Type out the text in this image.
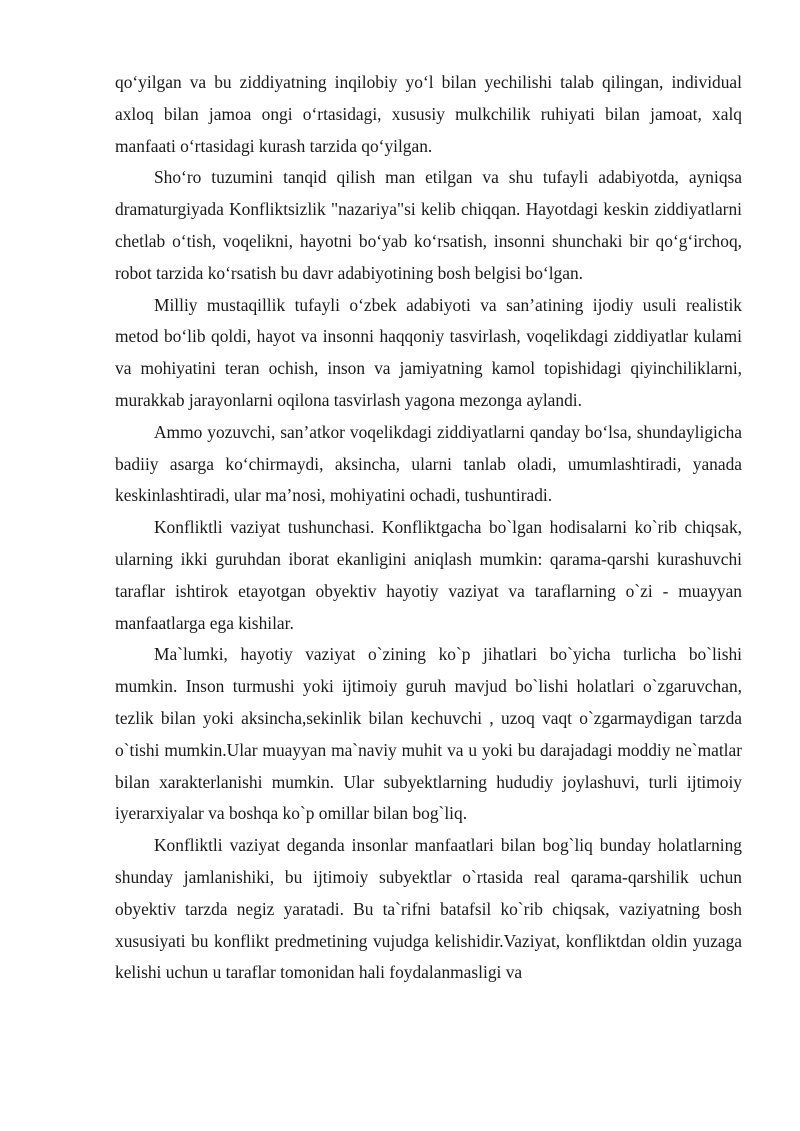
qo‘yilgan va bu ziddiyatning inqilobiy yo‘l bilan yechilishi talab qilingan, individual axloq bilan jamoa ongi o‘rtasidagi, xususiy mulkchilik ruhiyati bilan jamoat, xalq manfaati o‘rtasidagi kurash tarzida qo‘yilgan.

Sho‘ro tuzumini tanqid qilish man etilgan va shu tufayli adabiyotda, ayniqsa dramaturgiyada Konfliktsizlik "nazariya"si kelib chiqqan. Hayotdagi keskin ziddiyatlarni chetlab o‘tish, voqelikni, hayotni bo‘yab ko‘rsatish, insonni shunchaki bir qo‘g‘irchoq, robot tarzida ko‘rsatish bu davr adabiyotining bosh belgisi bo‘lgan.

Milliy mustaqillik tufayli o‘zbek adabiyoti va san’atining ijodiy usuli realistik metod bo‘lib qoldi, hayot va insonni haqqoniy tasvirlash, voqelikdagi ziddiyatlar kulami va mohiyatini teran ochish, inson va jamiyatning kamol topishidagi qiyinchiliklarni, murakkab jarayonlarni oqilona tasvirlash yagona mezonga aylandi.

Ammo yozuvchi, san’atkor voqelikdagi ziddiyatlarni qanday bo‘lsa, shundayligicha badiiy asarga ko‘chirmaydi, aksincha, ularni tanlab oladi, umumlashtiradi, yanada keskinlashtiradi, ular ma’nosi, mohiyatini ochadi, tushuntiradi.

Konfliktli vaziyat tushunchasi. Konfliktgacha bo`lgan hodisalarni ko`rib chiqsak, ularning ikki guruhdan iborat ekanligini aniqlash mumkin: qarama-qarshi kurashuvchi taraflar ishtirok etayotgan obyektiv hayotiy vaziyat va taraflarning o`zi - muayyan manfaatlarga ega kishilar.

Ma`lumki, hayotiy vaziyat o`zining ko`p jihatlari bo`yicha turlicha bo`lishi mumkin. Inson turmushi yoki ijtimoiy guruh mavjud bo`lishi holatlari o`zgaruvchan, tezlik bilan yoki aksincha,sekinlik bilan kechuvchi , uzoq vaqt o`zgarmaydigan tarzda o`tishi mumkin.Ular muayyan ma`naviy muhit va u yoki bu darajadagi moddiy ne`matlar bilan xarakterlanishi mumkin. Ular subyektlarning hududiy joylashuvi, turli ijtimoiy iyerarxiyalar va boshqa ko`p omillar bilan bog`liq.

Konfliktli vaziyat deganda insonlar manfaatlari bilan bog`liq bunday holatlarning shunday jamlanishiki, bu ijtimoiy subyektlar o`rtasida real qarama-qarshilik uchun obyektiv tarzda negiz yaratadi. Bu ta`rifni batafsil ko`rib chiqsak, vaziyatning bosh xususiyati bu konflikt predmetining vujudga kelishidir.Vaziyat, konfliktdan oldin yuzaga kelishi uchun u taraflar tomonidan hali foydalanmasligi va
